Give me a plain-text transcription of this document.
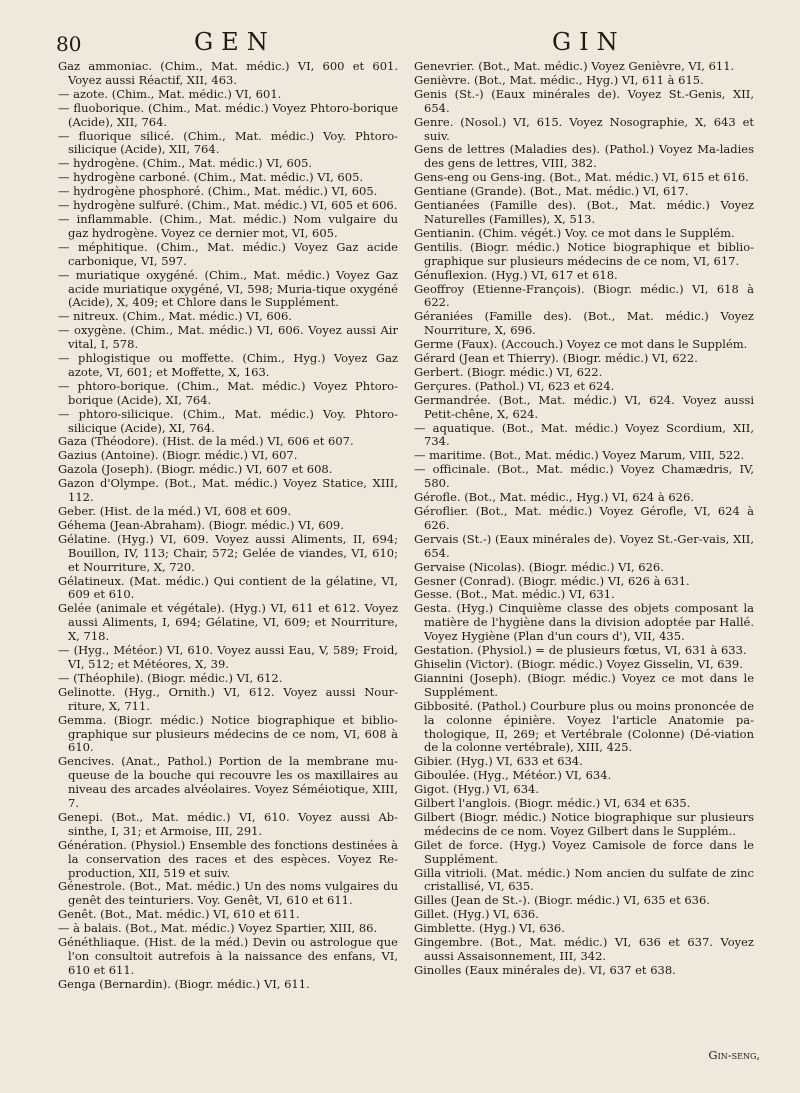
80	GEN	GIN

Gaz ammoniac. (Chim., Mat. médic.) VI, 600 et 601. Voyez aussi Réactif, XII, 463.

— azote. (Chim., Mat. médic.) VI, 601.

— fluoborique. (Chim., Mat. médic.) Voyez Phtoro-borique (Acide), XII, 764.

— fluorique silicé. (Chim., Mat. médic.) Voy. Phtoro-silicique (Acide), XII, 764.

— hydrogène. (Chim., Mat. médic.) VI, 605.

— hydrogène carboné. (Chim., Mat. médic.) VI, 605.

— hydrogène phosphoré. (Chim., Mat. médic.) VI, 605.

— hydrogène sulfuré. (Chim., Mat. médic.) VI, 605 et 606.

— inflammable. (Chim., Mat. médic.) Nom vulgaire du gaz hydrogène. Voyez ce dernier mot, VI, 605.

— méphitique. (Chim., Mat. médic.) Voyez Gaz acide carbonique, VI, 597.

— muriatique oxygéné. (Chim., Mat. médic.) Voyez Gaz acide muriatique oxygéné, VI, 598; Muria-tique oxygéné (Acide), X, 409; et Chlore dans le Supplément.

— nitreux. (Chim., Mat. médic.) VI, 606.

— oxygène. (Chim., Mat. médic.) VI, 606. Voyez aussi Air vital, I, 578.

— phlogistique ou moffette. (Chim., Hyg.) Voyez Gaz azote, VI, 601; et Moffette, X, 163.

— phtoro-borique. (Chim., Mat. médic.) Voyez Phtoro-borique (Acide), XI, 764.

— phtoro-silicique. (Chim., Mat. médic.) Voy. Phtoro-silicique (Acide), XI, 764.

Gaza (Théodore). (Hist. de la méd.) VI, 606 et 607.

Gazius (Antoine). (Biogr. médic.) VI, 607.

Gazola (Joseph). (Biogr. médic.) VI, 607 et 608.

Gazon d'Olympe. (Bot., Mat. médic.) Voyez Statice, XIII, 112.

Geber. (Hist. de la méd.) VI, 608 et 609.

Géhema (Jean-Abraham). (Biogr. médic.) VI, 609.

Gélatine. (Hyg.) VI, 609. Voyez aussi Aliments, II, 694; Bouillon, IV, 113; Chair, 572; Gelée de viandes, VI, 610; et Nourriture, X, 720.

Gélatineux. (Mat. médic.) Qui contient de la gélatine, VI, 609 et 610.

Gelée (animale et végétale). (Hyg.) VI, 611 et 612. Voyez aussi Aliments, I, 694; Gélatine, VI, 609; et Nourriture, X, 718.

— (Hyg., Météor.) VI, 610. Voyez aussi Eau, V, 589; Froid, VI, 512; et Météores, X, 39.

— (Théophile). (Biogr. médic.) VI, 612.

Gelinotte. (Hyg., Ornith.) VI, 612. Voyez aussi Nour-riture, X, 711.

Gemma. (Biogr. médic.) Notice biographique et biblio-graphique sur plusieurs médecins de ce nom, VI, 608 à 610.

Gencives. (Anat., Pathol.) Portion de la membrane mu-queuse de la bouche qui recouvre les os maxillaires au niveau des arcades alvéolaires. Voyez Séméiotique, XIII, 7.

Genepi. (Bot., Mat. médic.) VI, 610. Voyez aussi Ab-sinthe, I, 31; et Armoise, III, 291.

Génération. (Physiol.) Ensemble des fonctions destinées à la conservation des races et des espèces. Voyez Re-production, XII, 519 et suiv.

Génestrole. (Bot., Mat. médic.) Un des noms vulgaires du genêt des teinturiers. Voy. Genêt, VI, 610 et 611.

Genêt. (Bot., Mat. médic.) VI, 610 et 611.

— à balais. (Bot., Mat. médic.) Voyez Spartier, XIII, 86.

Généthliaque. (Hist. de la méd.) Devin ou astrologue que l'on consultoit autrefois à la naissance des enfans, VI, 610 et 611.

Genga (Bernardin). (Biogr. médic.) VI, 611.

Genevrier. (Bot., Mat. médic.) Voyez Genièvre, VI, 611.

Genièvre. (Bot., Mat. médic., Hyg.) VI, 611 à 615.

Genis (St.-) (Eaux minérales de). Voyez St.-Genis, XII, 654.

Genre. (Nosol.) VI, 615. Voyez Nosographie, X, 643 et suiv.

Gens de lettres (Maladies des). (Pathol.) Voyez Ma-ladies des gens de lettres, VIII, 382.

Gens-eng ou Gens-ing. (Bot., Mat. médic.) VI, 615 et 616.

Gentiane (Grande). (Bot., Mat. médic.) VI, 617.

Gentianées (Famille des). (Bot., Mat. médic.) Voyez Naturelles (Familles), X, 513.

Gentianin. (Chim. végét.) Voy. ce mot dans le Supplém.

Gentilis. (Biogr. médic.) Notice biographique et biblio-graphique sur plusieurs médecins de ce nom, VI, 617.

Génuflexion. (Hyg.) VI, 617 et 618.

Geoffroy (Etienne-François). (Biogr. médic.) VI, 618 à 622.

Géraniées (Famille des). (Bot., Mat. médic.) Voyez Nourriture, X, 696.

Germe (Faux). (Accouch.) Voyez ce mot dans le Supplém.

Gérard (Jean et Thierry). (Biogr. médic.) VI, 622.

Gerbert. (Biogr. médic.) VI, 622.

Gerçures. (Pathol.) VI, 623 et 624.

Germandrée. (Bot., Mat. médic.) VI, 624. Voyez aussi Petit-chêne, X, 624.

— aquatique. (Bot., Mat. médic.) Voyez Scordium, XII, 734.

— maritime. (Bot., Mat. médic.) Voyez Marum, VIII, 522.

— officinale. (Bot., Mat. médic.) Voyez Chamædris, IV, 580.

Gérofle. (Bot., Mat. médic., Hyg.) VI, 624 à 626.

Géroflier. (Bot., Mat. médic.) Voyez Gérofle, VI, 624 à 626.

Gervais (St.-) (Eaux minérales de). Voyez St.-Ger-vais, XII, 654.

Gervaise (Nicolas). (Biogr. médic.) VI, 626.

Gesner (Conrad). (Biogr. médic.) VI, 626 à 631.

Gesse. (Bot., Mat. médic.) VI, 631.

Gesta. (Hyg.) Cinquième classe des objets composant la matière de l'hygiène dans la division adoptée par Hallé. Voyez Hygiène (Plan d'un cours d'), VII, 435.

Gestation. (Physiol.) = de plusieurs fœtus, VI, 631 à 633.

Ghiselin (Victor). (Biogr. médic.) Voyez Gisselin, VI, 639.

Giannini (Joseph). (Biogr. médic.) Voyez ce mot dans le Supplément.

Gibbosité. (Pathol.) Courbure plus ou moins prononcée de la colonne épinière. Voyez l'article Anatomie pa-thologique, II, 269; et Vertébrale (Colonne) (Dé-viation de la colonne vertébrale), XIII, 425.

Gibier. (Hyg.) VI, 633 et 634.

Giboulée. (Hyg., Météor.) VI, 634.

Gigot. (Hyg.) VI, 634.

Gilbert l'anglois. (Biogr. médic.) VI, 634 et 635.

Gilbert (Biogr. médic.) Notice biographique sur plusieurs médecins de ce nom. Voyez Gilbert dans le Supplém..

Gilet de force. (Hyg.) Voyez Camisole de force dans le Supplément.

Gilla vitrioli. (Mat. médic.) Nom ancien du sulfate de zinc cristallisé, VI, 635.

Gilles (Jean de St.-). (Biogr. médic.) VI, 635 et 636.

Gillet. (Hyg.) VI, 636.

Gimblette. (Hyg.) VI, 636.

Gingembre. (Bot., Mat. médic.) VI, 636 et 637. Voyez aussi Assaisonnement, III, 342.

Ginolles (Eaux minérales de). VI, 637 et 638.

Gin-seng,
